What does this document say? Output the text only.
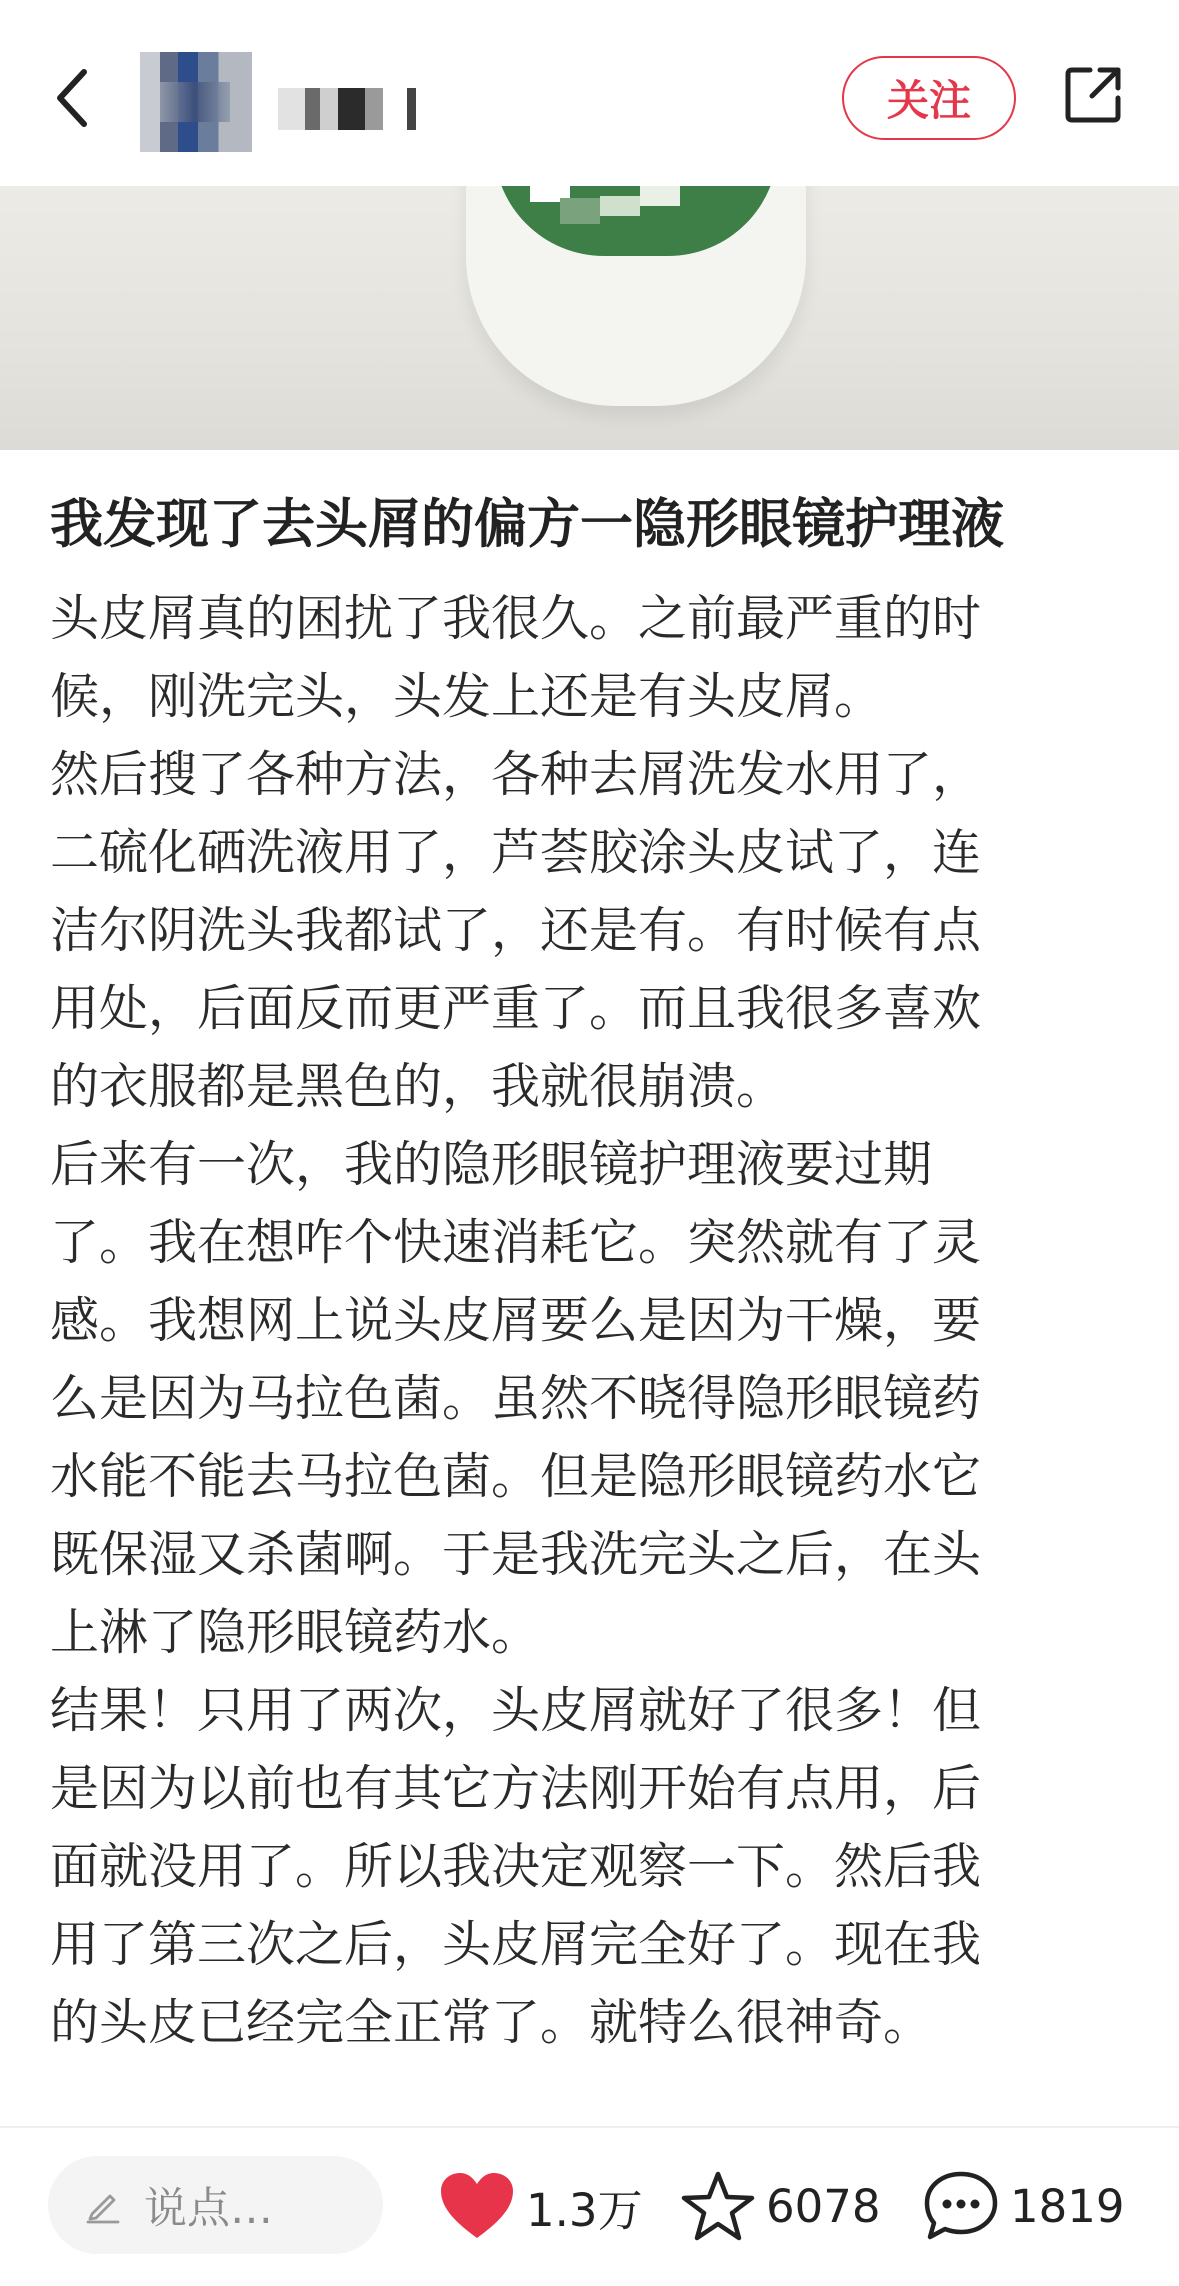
关注
我发现了去头屑的偏方一隐形眼镜护理液
头皮屑真的困扰了我很久。之前最严重的时
候，刚洗完头，头发上还是有头皮屑。
然后搜了各种方法，各种去屑洗发水用了，
二硫化硒洗液用了，芦荟胶涂头皮试了，连
洁尔阴洗头我都试了，还是有。有时候有点
用处，后面反而更严重了。而且我很多喜欢
的衣服都是黑色的，我就很崩溃。
后来有一次，我的隐形眼镜护理液要过期
了。我在想咋个快速消耗它。突然就有了灵
感。我想网上说头皮屑要么是因为干燥，要
么是因为马拉色菌。虽然不晓得隐形眼镜药
水能不能去马拉色菌。但是隐形眼镜药水它
既保湿又杀菌啊。于是我洗完头之后，在头
上淋了隐形眼镜药水。
结果！只用了两次，头皮屑就好了很多！但
是因为以前也有其它方法刚开始有点用，后
面就没用了。所以我决定观察一下。然后我
用了第三次之后，头皮屑完全好了。现在我
的头皮已经完全正常了。就特么很神奇。
说点…	1.3万	6078	1819
